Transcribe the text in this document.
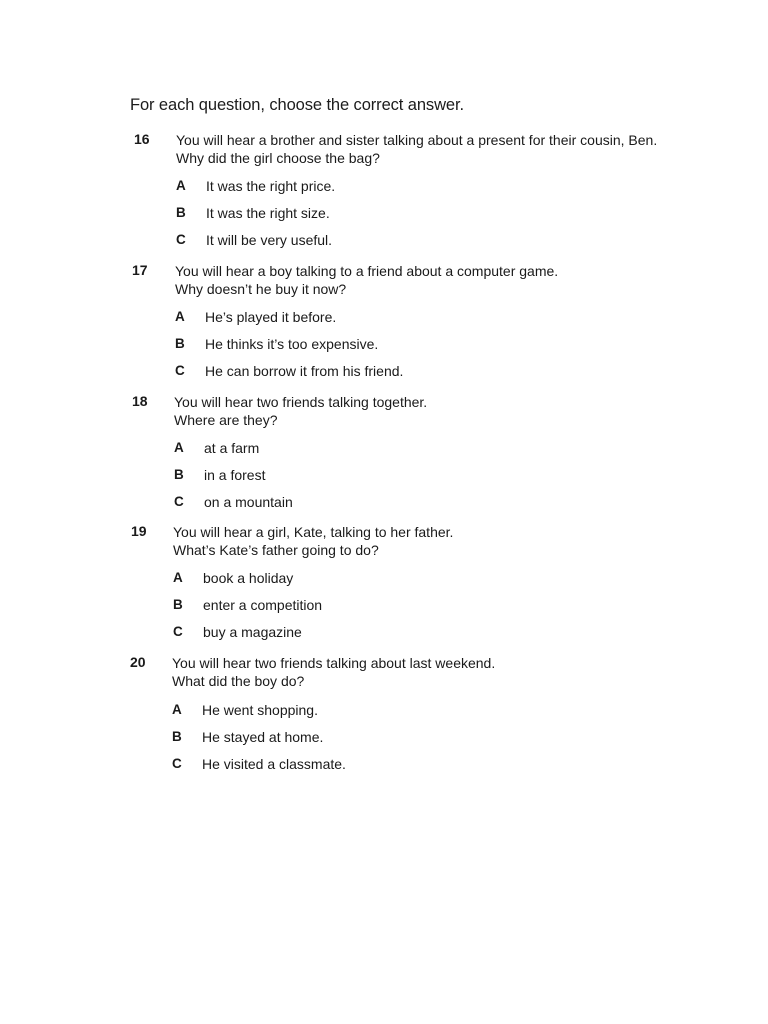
For each question, choose the correct answer.
16 You will hear a brother and sister talking about a present for their cousin, Ben.
Why did the girl choose the bag?
A It was the right price.
B It was the right size.
C It will be very useful.
17 You will hear a boy talking to a friend about a computer game.
Why doesn’t he buy it now?
A He’s played it before.
B He thinks it’s too expensive.
C He can borrow it from his friend.
18 You will hear two friends talking together.
Where are they?
A at a farm
B in a forest
C on a mountain
19 You will hear a girl, Kate, talking to her father.
What’s Kate’s father going to do?
A book a holiday
B enter a competition
C buy a magazine
20 You will hear two friends talking about last weekend.
What did the boy do?
A He went shopping.
B He stayed at home.
C He visited a classmate.
